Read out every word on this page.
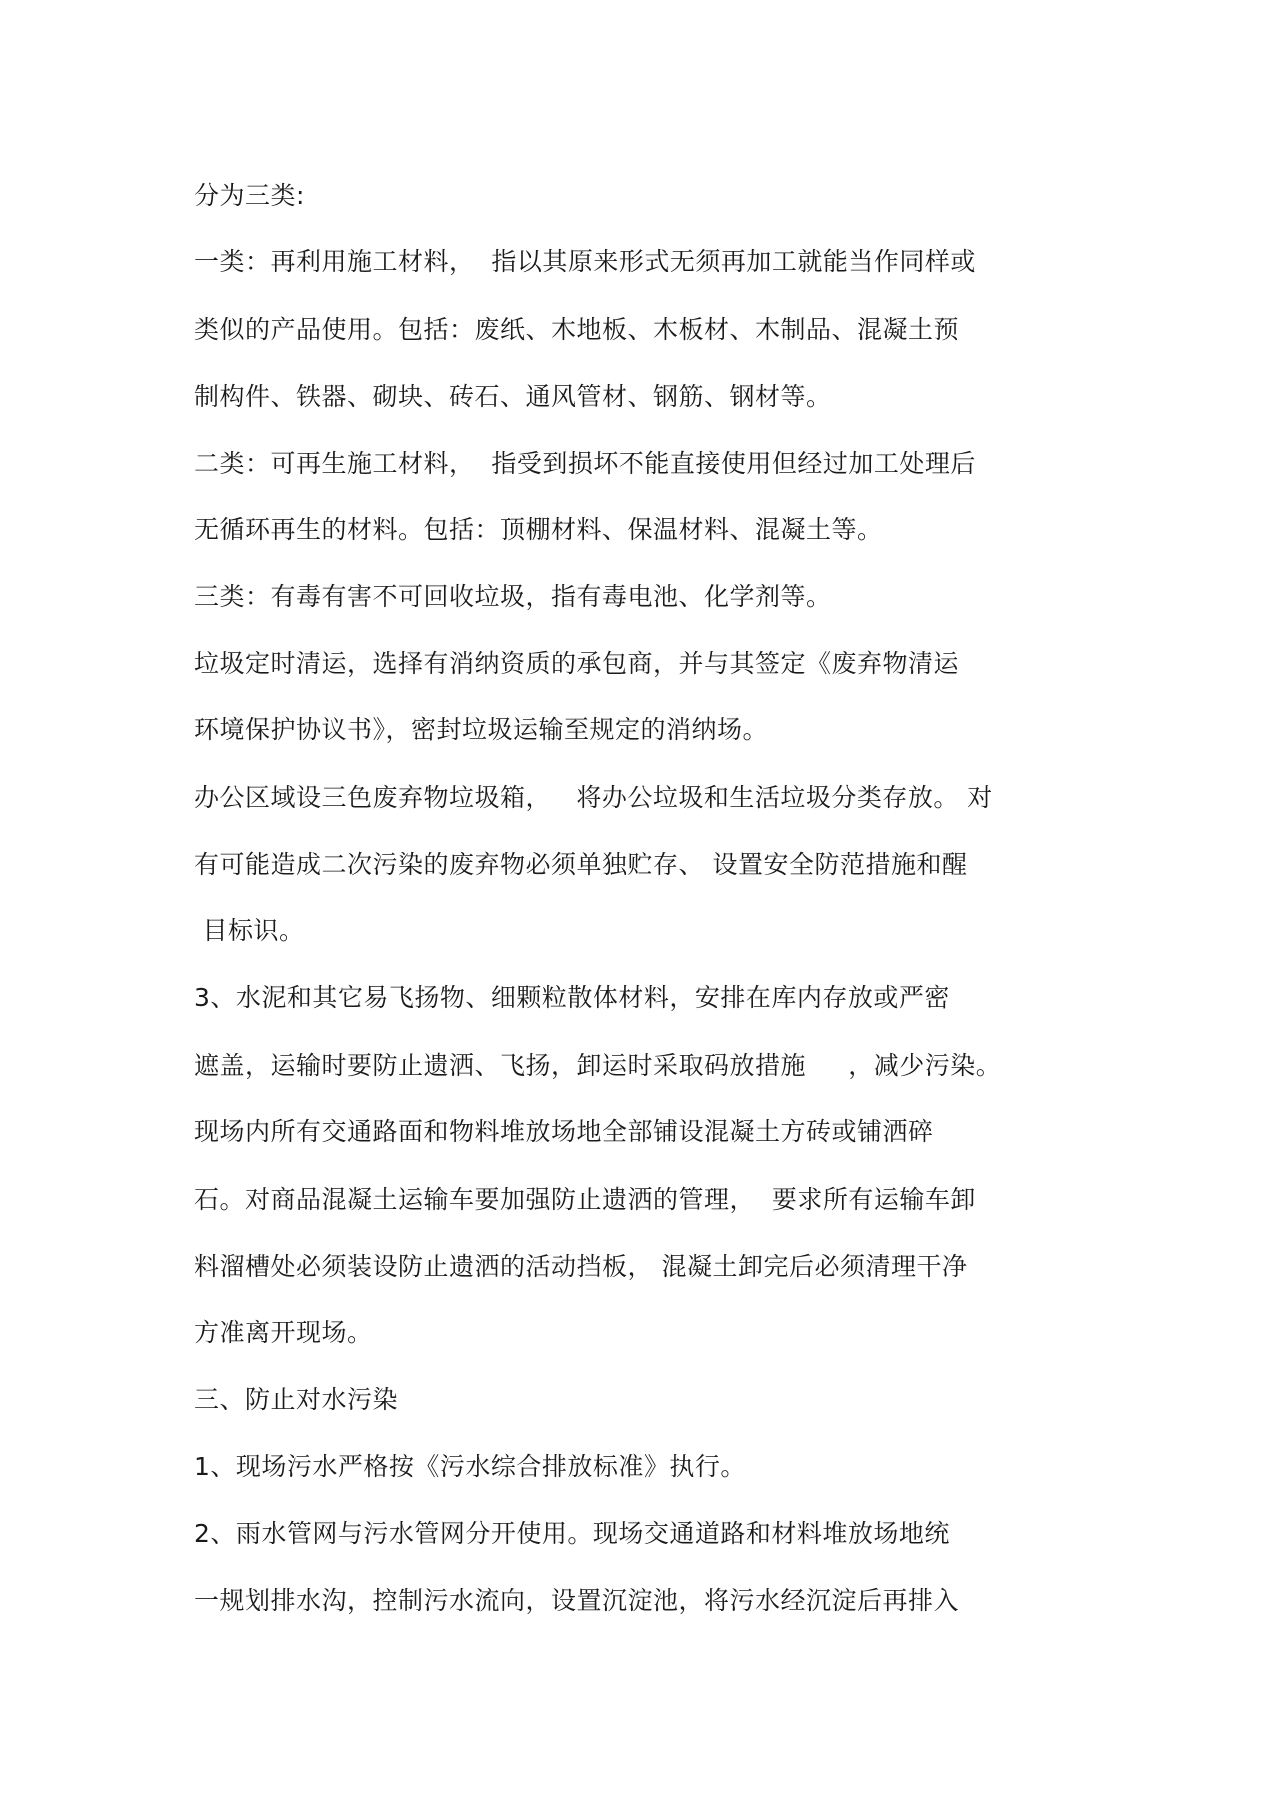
分为三类:
一类：再利用施工材料，  指以其原来形式无须再加工就能当作同样或
类似的产品使用。包括：废纸、木地板、木板材、木制品、混凝土预
制构件、铁器、砌块、砖石、通风管材、钢筋、钢材等。
二类：可再生施工材料，  指受到损坏不能直接使用但经过加工处理后
无循环再生的材料。包括：顶棚材料、保温材料、混凝土等。
三类：有毒有害不可回收垃圾，指有毒电池、化学剂等。
垃圾定时清运，选择有消纳资质的承包商，并与其签定《废弃物清运
环境保护协议书》，密封垃圾运输至规定的消纳场。
办公区域设三色废弃物垃圾箱，   将办公垃圾和生活垃圾分类存放。 对
有可能造成二次污染的废弃物必须单独贮存、 设置安全防范措施和醒
目标识。
3、水泥和其它易飞扬物、细颗粒散体材料，安排在库内存放或严密
遮盖，运输时要防止遗洒、飞扬，卸运时采取码放措施     ，减少污染。
现场内所有交通路面和物料堆放场地全部铺设混凝土方砖或铺洒碎
石。对商品混凝土运输车要加强防止遗洒的管理，  要求所有运输车卸
料溜槽处必须装设防止遗洒的活动挡板， 混凝土卸完后必须清理干净
方准离开现场。
三、防止对水污染
1、现场污水严格按《污水综合排放标准》执行。
2、雨水管网与污水管网分开使用。现场交通道路和材料堆放场地统
一规划排水沟，控制污水流向，设置沉淀池，将污水经沉淀后再排入
